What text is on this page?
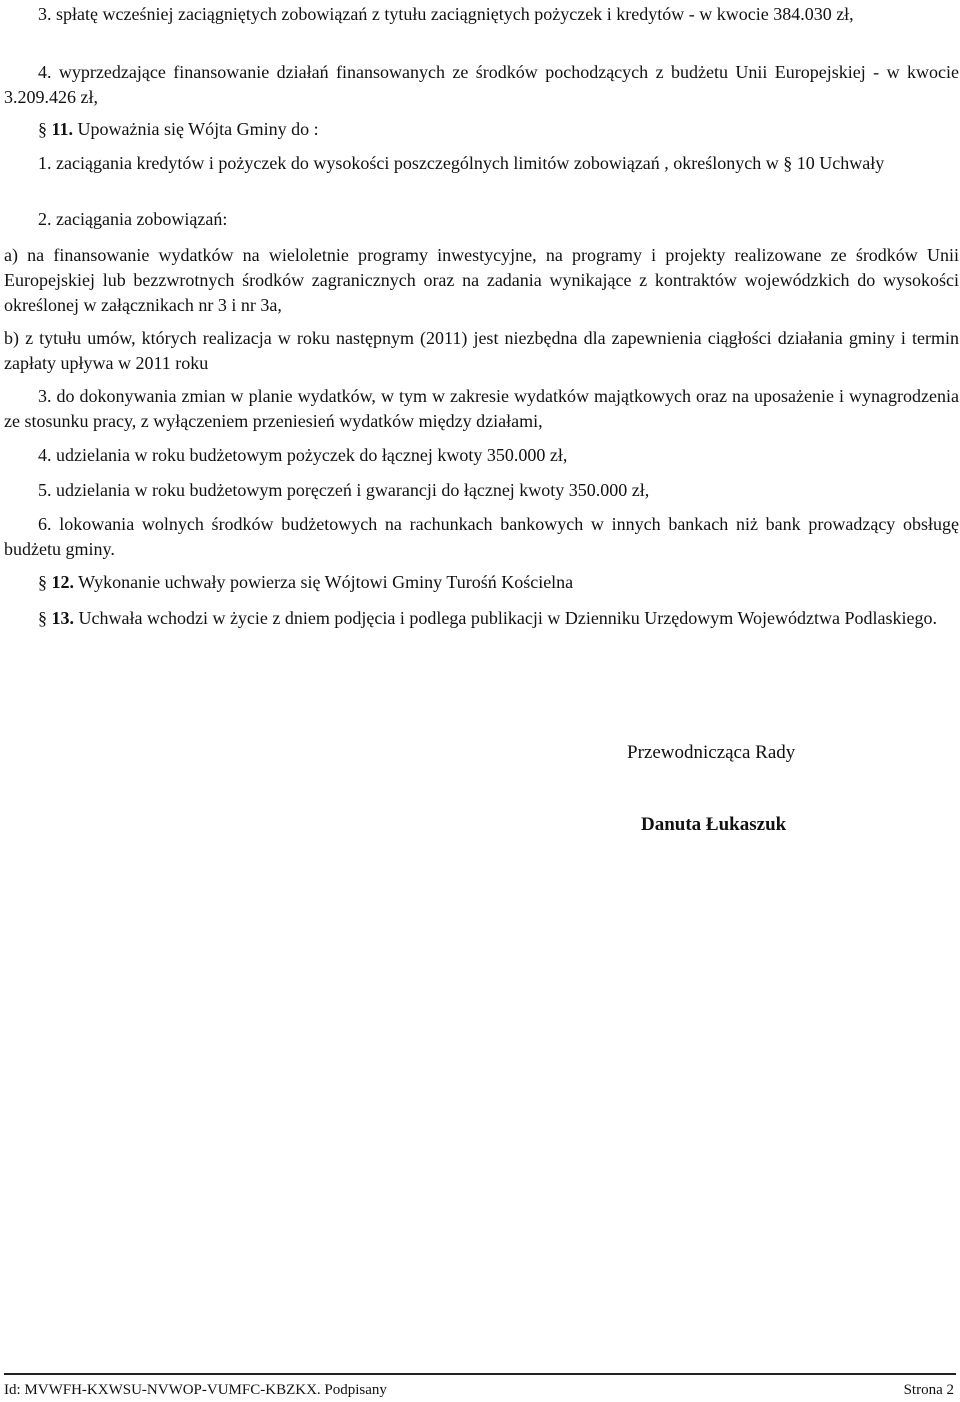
3. spłatę wcześniej zaciągniętych zobowiązań z tytułu zaciągniętych pożyczek i kredytów - w kwocie 384.030 zł,

4. wyprzedzające finansowanie działań finansowanych ze środków pochodzących z budżetu Unii Europejskiej - w kwocie 3.209.426 zł,

§ 11. Upoważnia się Wójta Gminy do :

1. zaciągania kredytów i pożyczek do wysokości poszczególnych limitów zobowiązań , określonych w § 10 Uchwały

2. zaciągania zobowiązań:

a) na finansowanie wydatków na wieloletnie programy inwestycyjne, na programy i projekty realizowane ze środków Unii Europejskiej lub bezzwrotnych środków zagranicznych oraz na zadania wynikające z kontraktów wojewódzkich do wysokości określonej w załącznikach nr 3 i nr 3a,

b) z tytułu umów, których realizacja w roku następnym (2011) jest niezbędna dla zapewnienia ciągłości działania gminy i termin zapłaty upływa w 2011 roku

3. do dokonywania zmian w planie wydatków, w tym w zakresie wydatków majątkowych oraz na uposażenie i wynagrodzenia ze stosunku pracy, z wyłączeniem przeniesień wydatków między działami,

4. udzielania w roku budżetowym pożyczek do łącznej kwoty 350.000 zł,

5. udzielania w roku budżetowym poręczeń i gwarancji do łącznej kwoty 350.000 zł,

6. lokowania wolnych środków budżetowych na rachunkach bankowych w innych bankach niż bank prowadzący obsługę budżetu gminy.

§ 12. Wykonanie uchwały powierza się Wójtowi Gminy Turośń Kościelna

§ 13. Uchwała wchodzi w życie z dniem podjęcia i podlega publikacji w Dzienniku Urzędowym Województwa Podlaskiego.

Przewodnicząca Rady
Danuta Łukaszuk
Id: MVWFH-KXWSU-NVWOP-VUMFC-KBZKX. Podpisany	Strona 2
